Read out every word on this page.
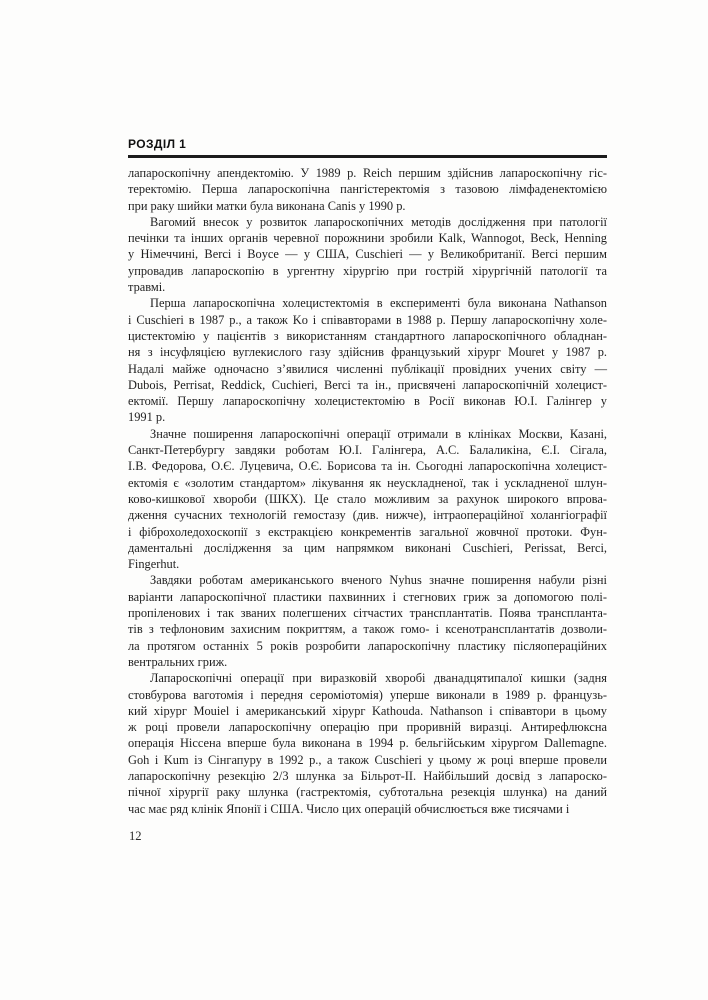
РОЗДІЛ 1
лапароскопічну апендектомію. У 1989 р. Reich першим здійснив лапароскопічну гіс-
теректомію. Перша лапароскопічна пангістеректомія з тазовою лімфаденектомією
при раку шийки матки була виконана Canis у 1990 р.
Вагомий внесок у розвиток лапароскопічних методів дослідження при патології
печінки та інших органів черевної порожнини зробили Kalk, Wannogot, Beck, Henning
у Німеччині, Berci і Boyce — у США, Cuschieri — у Великобританії. Berci першим
упровадив лапароскопію в ургентну хірургію при гострій хірургічній патології та
травмі.
Перша лапароскопічна холецистектомія в експерименті була виконана Nathanson
і Cuschieri в 1987 р., а також Ko і співавторами в 1988 р. Першу лапароскопічну холе-
цистектомію у пацієнтів з використанням стандартного лапароскопічного обладнан-
ня з інсуфляцією вуглекислого газу здійснив французький хірург Mouret у 1987 р.
Надалі майже одночасно з’явилися численні публікації провідних учених світу —
Dubois, Perrisat, Reddick, Cuchieri, Berci та ін., присвячені лапароскопічній холецист-
ектомії. Першу лапароскопічну холецистектомію в Росії виконав Ю.І. Галінгер у
1991 р.
Значне поширення лапароскопічні операції отримали в клініках Москви, Казані,
Санкт-Петербургу завдяки роботам Ю.І. Галінгера, А.С. Балаликіна, Є.І. Сігала,
І.В. Федорова, О.Є. Луцевича, О.Є. Борисова та ін. Сьогодні лапароскопічна холецист-
ектомія є «золотим стандартом» лікування як неускладненої, так і ускладненої шлун-
ково-кишкової хвороби (ШКХ). Це стало можливим за рахунок широкого впрова-
дження сучасних технологій гемостазу (див. нижче), інтраопераційної холангіографії
і фіброхоледохоскопії з екстракцією конкрементів загальної жовчної протоки. Фун-
даментальні дослідження за цим напрямком виконані Cuschieri, Perissat, Berci,
Fingerhut.
Завдяки роботам американського вченого Nyhus значне поширення набули різні
варіанти лапароскопічної пластики пахвинних і стегнових гриж за допомогою полі-
пропіленових і так званих полегшених сітчастих трансплантатів. Поява транспланта-
тів з тефлоновим захисним покриттям, а також гомо- і ксенотрансплантатів дозволи-
ла протягом останніх 5 років розробити лапароскопічну пластику післяопераційних
вентральних гриж.
Лапароскопічні операції при виразковій хворобі дванадцятипалої кишки (задня
стовбурова ваготомія і передня сероміотомія) уперше виконали в 1989 р. французь-
кий хірург Mouiel і американський хірург Kathouda. Nathanson і співавтори в цьому
ж році провели лапароскопічну операцію при проривній виразці. Антирефлюксна
операція Ніссена вперше була виконана в 1994 р. бельгійським хірургом Dallemagne.
Goh і Kum із Сінгапуру в 1992 р., а також Cuschieri у цьому ж році вперше провели
лапароскопічну резекцію 2/3 шлунка за Більрот-ІІ. Найбільший досвід з лапароско-
пічної хірургії раку шлунка (гастректомія, субтотальна резекція шлунка) на даний
час має ряд клінік Японії і США. Число цих операцій обчислюється вже тисячами і
12
